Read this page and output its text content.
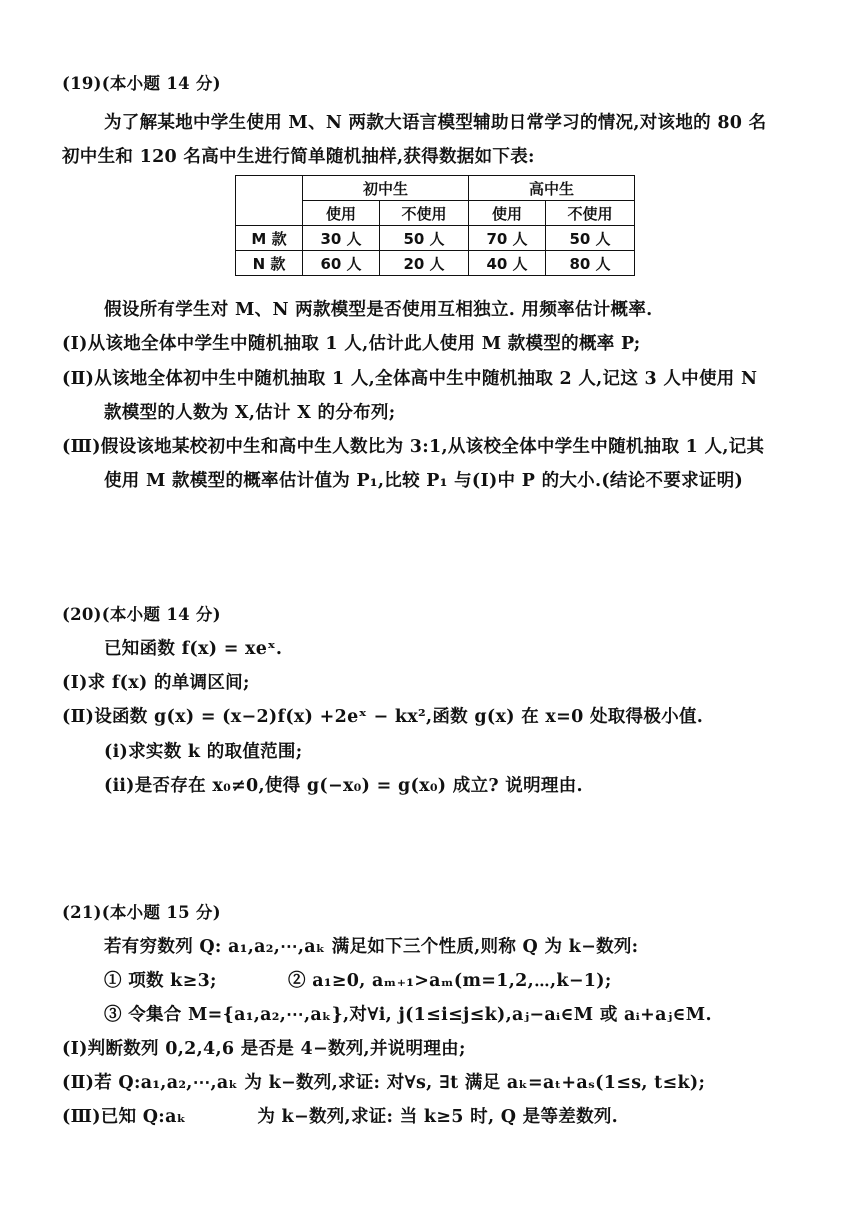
(19)(本小题 14 分)
为了解某地中学生使用 M、N 两款大语言模型辅助日常学习的情况,对该地的 80 名
初中生和 120 名高中生进行简单随机抽样,获得数据如下表:
	初中生		高中生	
	使用	不使用	使用	不使用
M 款	30 人	50 人	70 人	50 人
N 款	60 人	20 人	40 人	80 人
假设所有学生对 M、N 两款模型是否使用互相独立. 用频率估计概率.
(Ⅰ)从该地全体中学生中随机抽取 1 人,估计此人使用 M 款模型的概率 P;
(Ⅱ)从该地全体初中生中随机抽取 1 人,全体高中生中随机抽取 2 人,记这 3 人中使用 N
款模型的人数为 X,估计 X 的分布列;
(Ⅲ)假设该地某校初中生和高中生人数比为 3:1,从该校全体中学生中随机抽取 1 人,记其
使用 M 款模型的概率估计值为 P₁,比较 P₁ 与(Ⅰ)中 P 的大小.(结论不要求证明)
(20)(本小题 14 分)
已知函数 f(x) = xeˣ.
(Ⅰ)求 f(x) 的单调区间;
(Ⅱ)设函数 g(x) = (x−2)f(x) +2eˣ − kx²,函数 g(x) 在 x=0 处取得极小值.
(ⅰ)求实数 k 的取值范围;
(ⅱ)是否存在 x₀≠0,使得 g(−x₀) = g(x₀) 成立? 说明理由.
(21)(本小题 15 分)
若有穷数列 Q: a₁,a₂,⋯,aₖ 满足如下三个性质,则称 Q 为 k−数列:
① 项数 k≥3;　　　　② a₁≥0, aₘ₊₁>aₘ(m=1,2,⋯,k−1);
③ 令集合 M={a₁,a₂,⋯,aₖ},对∀i, j(1≤i≤j≤k),aⱼ−aᵢ∈M 或 aᵢ+aⱼ∈M.
(Ⅰ)判断数列 0,2,4,6 是否是 4−数列,并说明理由;
(Ⅱ)若 Q:a₁,a₂,⋯,aₖ 为 k−数列,求证: 对∀s, ∃t 满足 aₖ=aₜ+aₛ(1≤s, t≤k);
(Ⅲ)已知 Q:aₖ　　　　为 k−数列,求证: 当 k≥5 时, Q 是等差数列.
